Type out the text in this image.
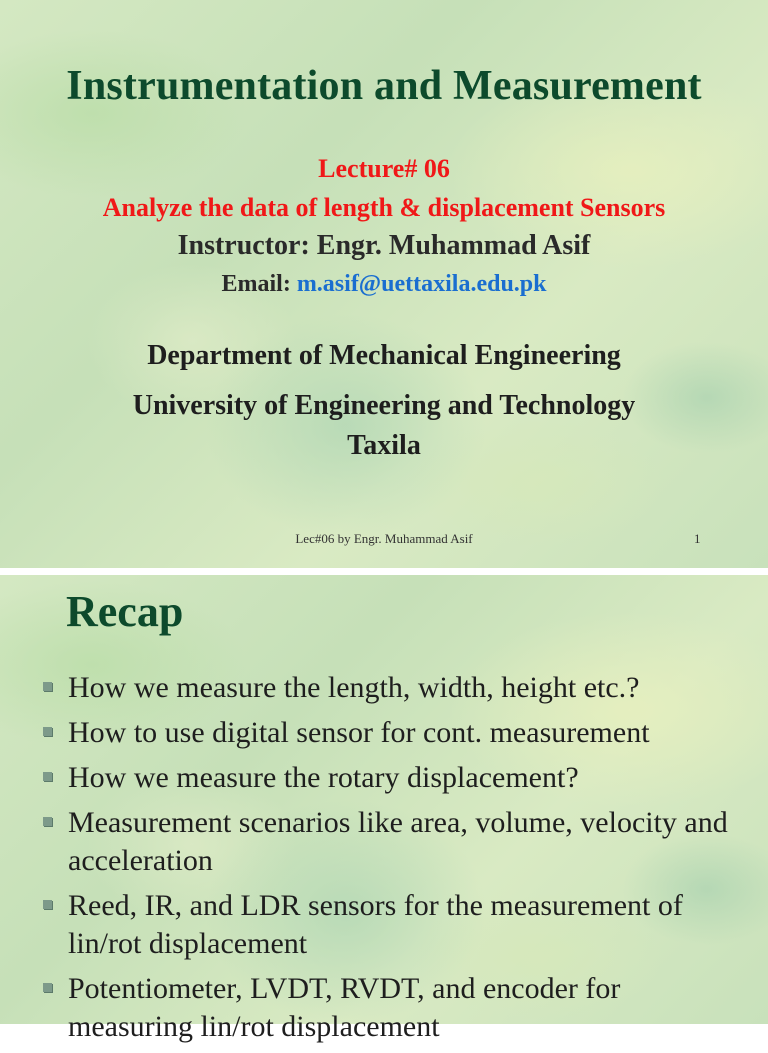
Instrumentation and Measurement
Lecture# 06
Analyze the data of length & displacement Sensors
Instructor: Engr. Muhammad Asif
Email: m.asif@uettaxila.edu.pk
Department of Mechanical Engineering
University of Engineering and Technology
Taxila
Lec#06 by Engr. Muhammad Asif	1
Recap
How we measure the length, width, height etc.?
How to use digital sensor for cont. measurement
How we measure the rotary displacement?
Measurement scenarios like area, volume, velocity and acceleration
Reed, IR, and LDR sensors for the measurement of lin/rot displacement
Potentiometer, LVDT, RVDT, and encoder for measuring lin/rot displacement
